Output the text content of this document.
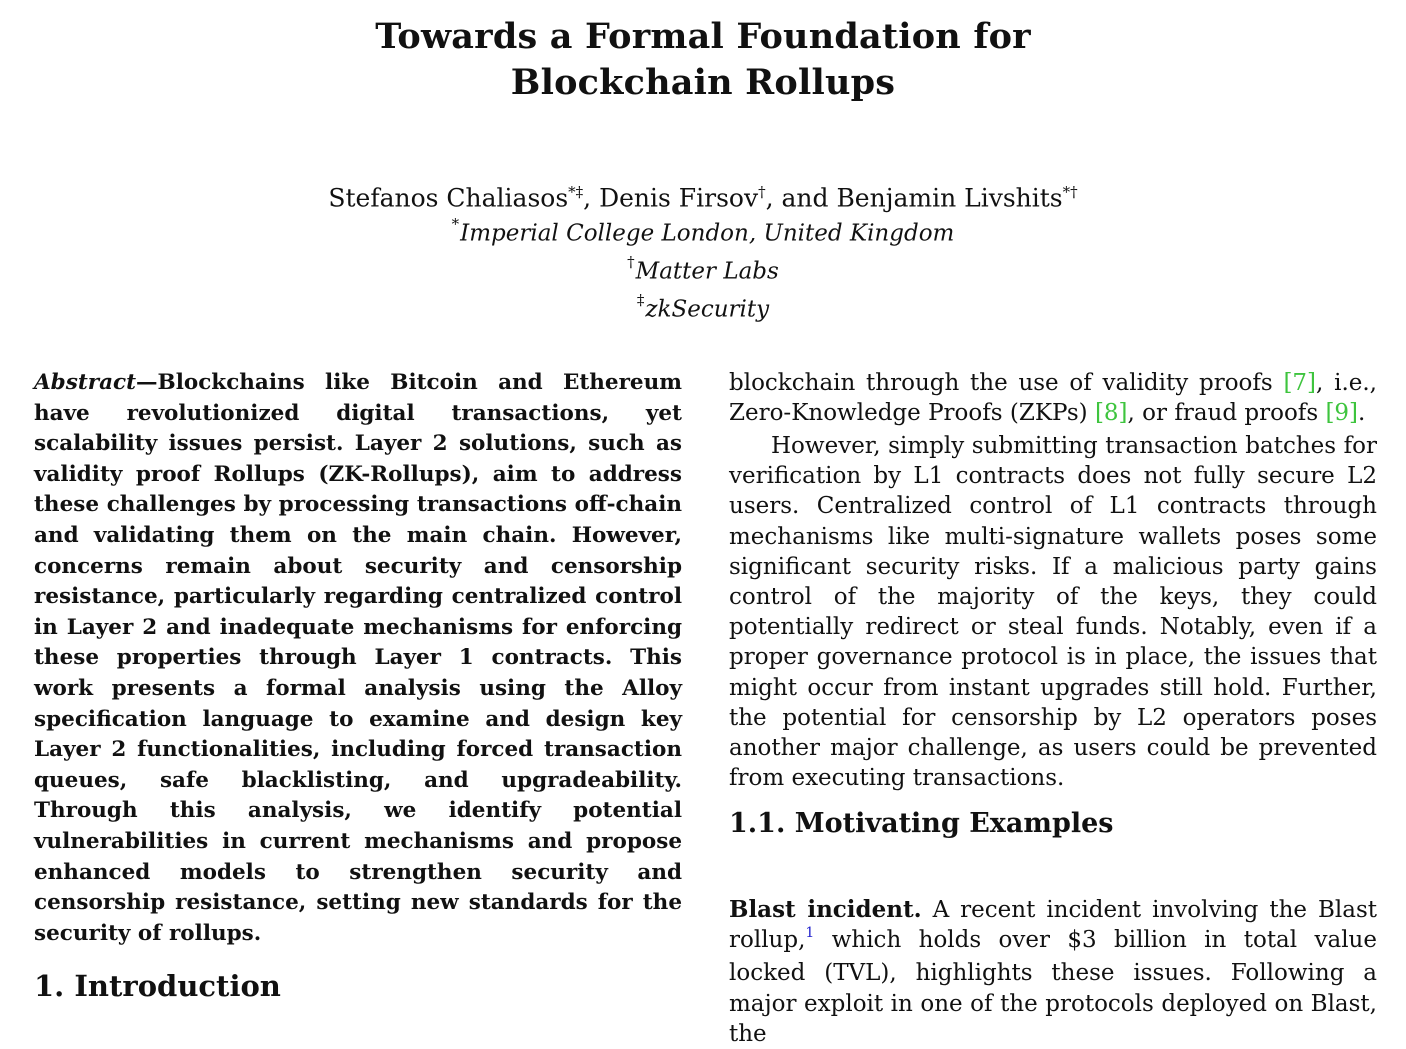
Towards a Formal Foundation for
Blockchain Rollups
Stefanos Chaliasos*‡, Denis Firsov†, and Benjamin Livshits*†
*Imperial College London, United Kingdom
†Matter Labs
‡zkSecurity
Abstract—Blockchains like Bitcoin and Ethereum have revolutionized digital transactions, yet scalability issues persist. Layer 2 solutions, such as validity proof Rollups (ZK-Rollups), aim to address these challenges by processing transactions off-chain and validating them on the main chain. However, concerns remain about security and censorship resistance, particularly regarding centralized control in Layer 2 and inadequate mechanisms for enforcing these properties through Layer 1 contracts. This work presents a formal analysis using the Alloy specification language to examine and design key Layer 2 functionalities, including forced transaction queues, safe blacklisting, and upgradeability. Through this analysis, we identify potential vulnerabilities in current mechanisms and propose enhanced models to strengthen security and censorship resistance, setting new standards for the security of rollups.
1. Introduction
blockchain through the use of validity proofs [7], i.e., Zero-Knowledge Proofs (ZKPs) [8], or fraud proofs [9].
However, simply submitting transaction batches for verification by L1 contracts does not fully secure L2 users. Centralized control of L1 contracts through mechanisms like multi-signature wallets poses some significant security risks. If a malicious party gains control of the majority of the keys, they could potentially redirect or steal funds. Notably, even if a proper governance protocol is in place, the issues that might occur from instant upgrades still hold. Further, the potential for censorship by L2 operators poses another major challenge, as users could be prevented from executing transactions.
1.1. Motivating Examples
Blast incident. A recent incident involving the Blast rollup,$^1$ which holds over $3 billion in total value locked (TVL), highlights these issues. Following a major exploit in one of the protocols deployed on Blast, the
